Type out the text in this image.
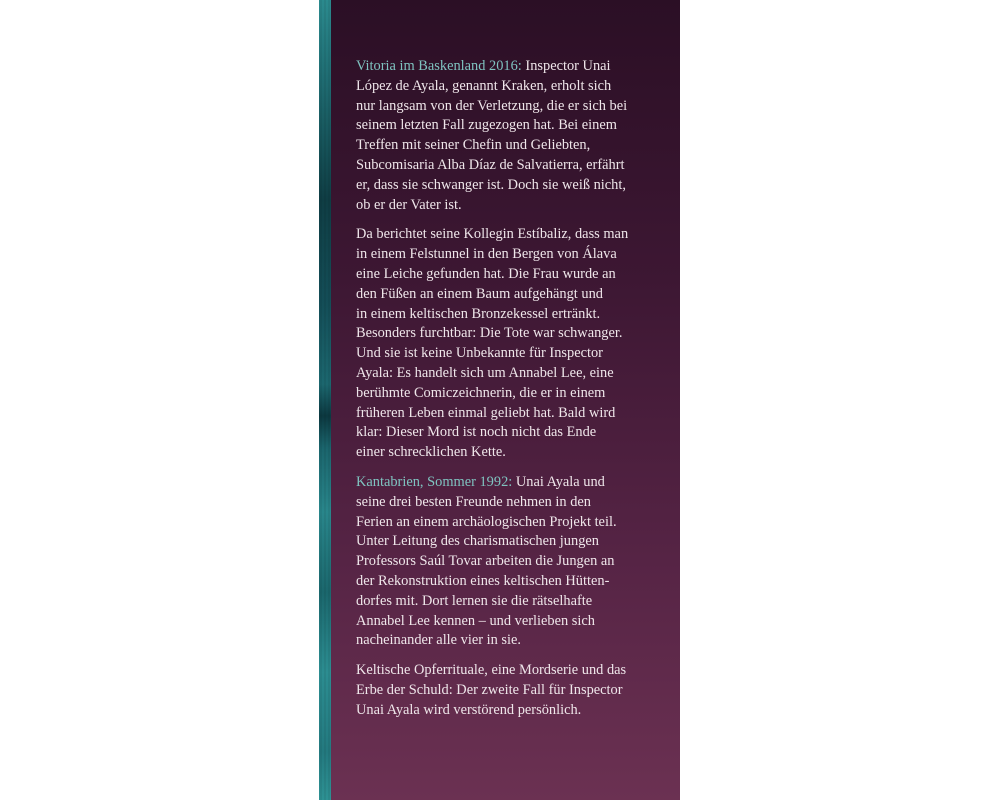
Vitoria im Baskenland 2016: Inspector Unai
López de Ayala, genannt Kraken, erholt sich
nur langsam von der Verletzung, die er sich bei
seinem letzten Fall zugezogen hat. Bei einem
Treffen mit seiner Chefin und Geliebten,
Subcomisaria Alba Díaz de Salvatierra, erfährt
er, dass sie schwanger ist. Doch sie weiß nicht,
ob er der Vater ist.

Da berichtet seine Kollegin Estíbaliz, dass man
in einem Felstunnel in den Bergen von Álava
eine Leiche gefunden hat. Die Frau wurde an
den Füßen an einem Baum aufgehängt und
in einem keltischen Bronzekessel ertränkt.
Besonders furchtbar: Die Tote war schwanger.
Und sie ist keine Unbekannte für Inspector
Ayala: Es handelt sich um Annabel Lee, eine
berühmte Comiczeichnerin, die er in einem
früheren Leben einmal geliebt hat. Bald wird
klar: Dieser Mord ist noch nicht das Ende
einer schrecklichen Kette.

Kantabrien, Sommer 1992: Unai Ayala und
seine drei besten Freunde nehmen in den
Ferien an einem archäologischen Projekt teil.
Unter Leitung des charismatischen jungen
Professors Saúl Tovar arbeiten die Jungen an
der Rekonstruktion eines keltischen Hütten-
dorfes mit. Dort lernen sie die rätselhafte
Annabel Lee kennen – und verlieben sich
nacheinander alle vier in sie.

Keltische Opferrituale, eine Mordserie und das
Erbe der Schuld: Der zweite Fall für Inspector
Unai Ayala wird verstörend persönlich.
